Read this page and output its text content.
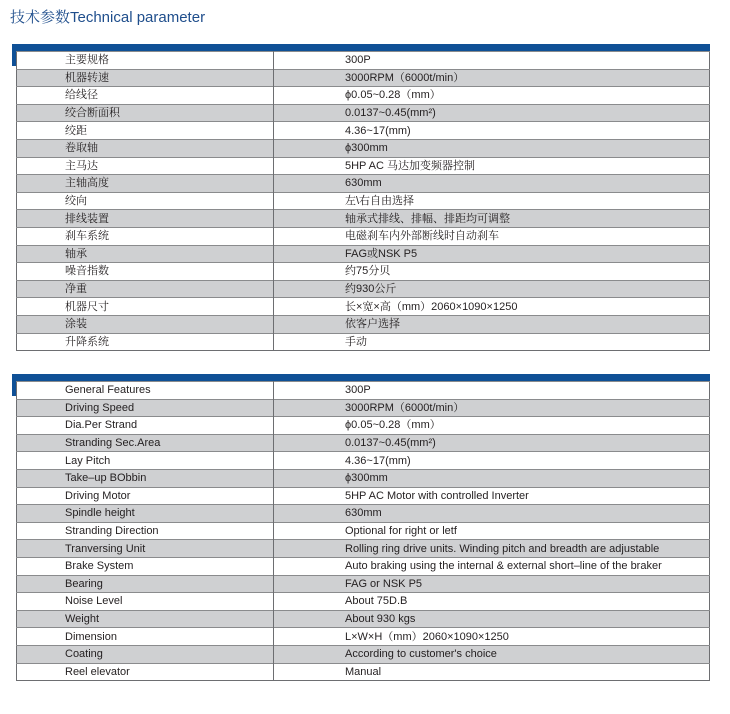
技术参数Technical parameter
主要规格	300P
机器转速	3000RPM（6000t/min）
给线径	ϕ0.05~0.28（mm）
绞合断面积	0.0137~0.45(mm²)
绞距	4.36~17(mm)
卷取轴	ϕ300mm
主马达	5HP AC 马达加变频器控制
主轴高度	630mm
绞向	左\右自由选择
排线装置	轴承式排线、排幅、排距均可调整
刹车系统	电磁刹车内外部断线时自动刹车
轴承	FAG或NSK P5
噪音指数	约75分贝
净重	约930公斤
机器尺寸	长×宽×高（mm）2060×1090×1250
涂装	依客户选择
升降系统	手动
General Features	300P
Driving Speed	3000RPM（6000t/min）
Dia.Per Strand	ϕ0.05~0.28（mm）
Stranding Sec.Area	0.0137~0.45(mm²)
Lay Pitch	4.36~17(mm)
Take–up BObbin	ϕ300mm
Driving Motor	5HP AC Motor with controlled Inverter
Spindle height	630mm
Stranding Direction	Optional for right or letf
Tranversing Unit	Rolling ring drive units. Winding pitch and breadth are adjustable
Brake System	Auto braking using the internal & external short–line of the braker
Bearing	FAG or NSK P5
Noise Level	About 75D.B
Weight	About 930 kgs
Dimension	L×W×H（mm）2060×1090×1250
Coating	According to customer's choice
Reel elevator	Manual
